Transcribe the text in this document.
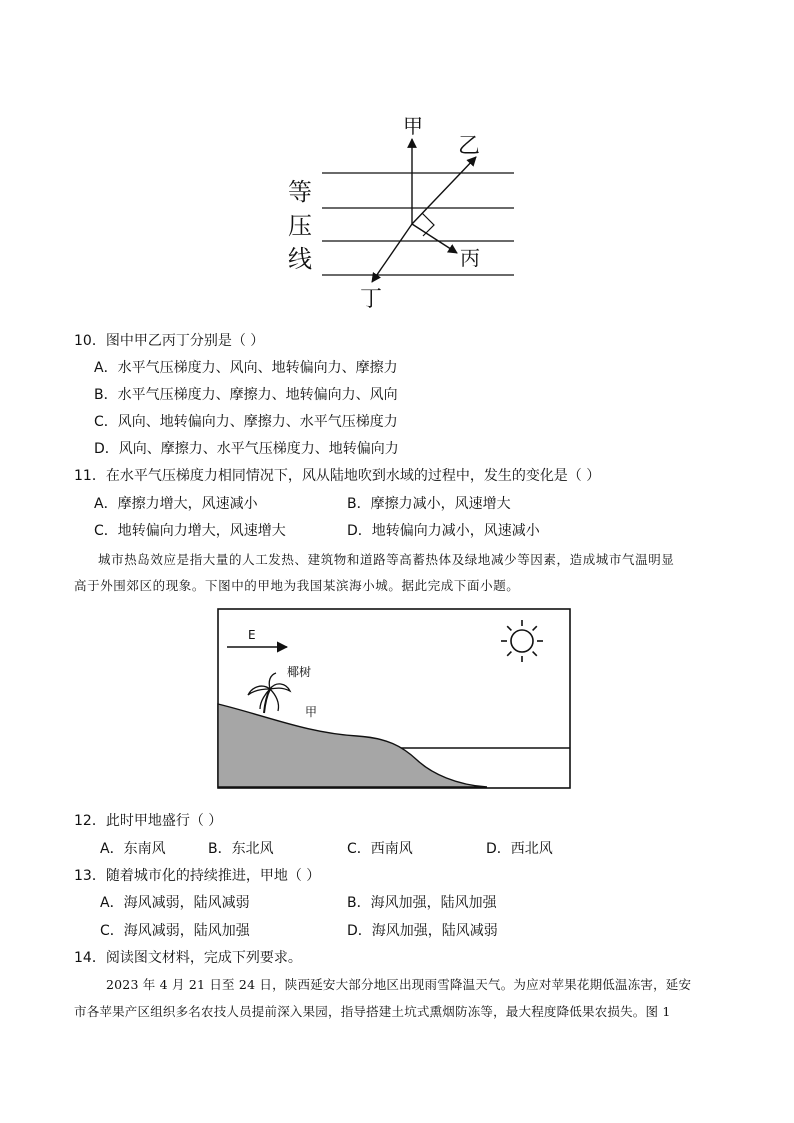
甲
乙
丙
丁
等
压
线
10．图中甲乙丙丁分别是（ ）
A．水平气压梯度力、风向、地转偏向力、摩擦力
B．水平气压梯度力、摩擦力、地转偏向力、风向
C．风向、地转偏向力、摩擦力、水平气压梯度力
D．风向、摩擦力、水平气压梯度力、地转偏向力
11．在水平气压梯度力相同情况下，风从陆地吹到水域的过程中，发生的变化是（ ）
A．摩擦力增大，风速减小	B．摩擦力减小，风速增大
C．地转偏向力增大，风速增大	D．地转偏向力减小，风速减小
城市热岛效应是指大量的人工发热、建筑物和道路等高蓄热体及绿地减少等因素，造成城市气温明显
高于外围郊区的现象。下图中的甲地为我国某滨海小城。据此完成下面小题。
E
椰树
甲
12．此时甲地盛行（ ）
A．东南风	B．东北风	C．西南风	D．西北风
13．随着城市化的持续推进，甲地（ ）
A．海风减弱，陆风减弱	B．海风加强，陆风加强
C．海风减弱，陆风加强	D．海风加强，陆风减弱
14．阅读图文材料，完成下列要求。
2023 年 4 月 21 日至 24 日，陕西延安大部分地区出现雨雪降温天气。为应对苹果花期低温冻害，延安
市各苹果产区组织多名农技人员提前深入果园，指导搭建土坑式熏烟防冻等，最大程度降低果农损失。图 1
